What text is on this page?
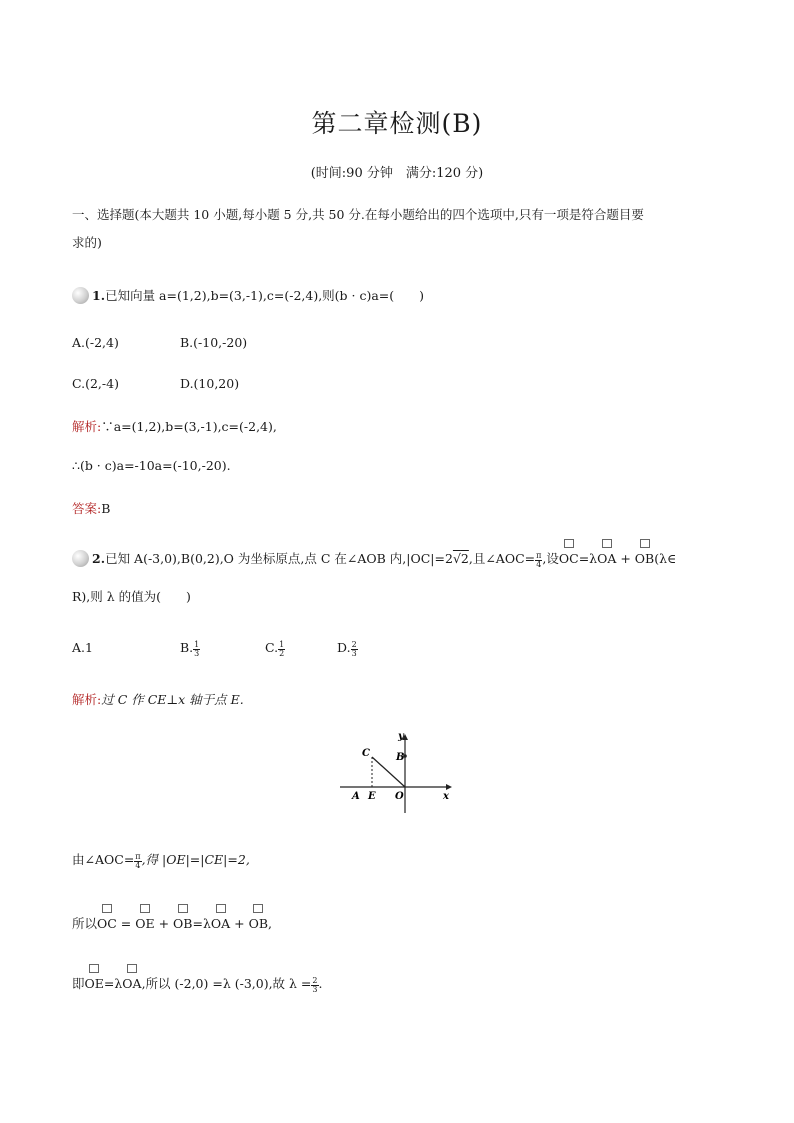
第二章检测(B)
(时间:90 分钟　满分:120 分)
一、选择题(本大题共 10 小题,每小题 5 分,共 50 分.在每小题给出的四个选项中,只有一项是符合题目要
求的)
1.已知向量 a=(1,2),b=(3,-1),c=(-2,4),则(b · c)a=(　　)
A.(-2,4)	B.(-10,-20)
C.(2,-4)	D.(10,20)
解析:∵a=(1,2),b=(3,-1),c=(-2,4),
∴(b · c)a=-10a=(-10,-20).
答案:B
2.已知 A(-3,0),B(0,2),O 为坐标原点,点 C 在∠AOB 内,|OC|=2√2,且∠AOC= $\frac{\pi}{4}$ ,设OC=λOA + OB(λ∈
R),则 λ 的值为(　　)
A.1	B. $\frac{1}{3}$	C. $\frac{1}{2}$	D. $\frac{2}{3}$
解析:过 C 作 CE⊥x 轴于点 E.
y
x
C	B
A E O
由∠AOC= $\frac{\pi}{4}$ ,得 |OE|=|CE|=2,
所以OC = OE + OB=λOA + OB,
即OE=λOA,所以 (-2,0) =λ (-3,0),故 $\lambda = \frac{2}{3}$ .
